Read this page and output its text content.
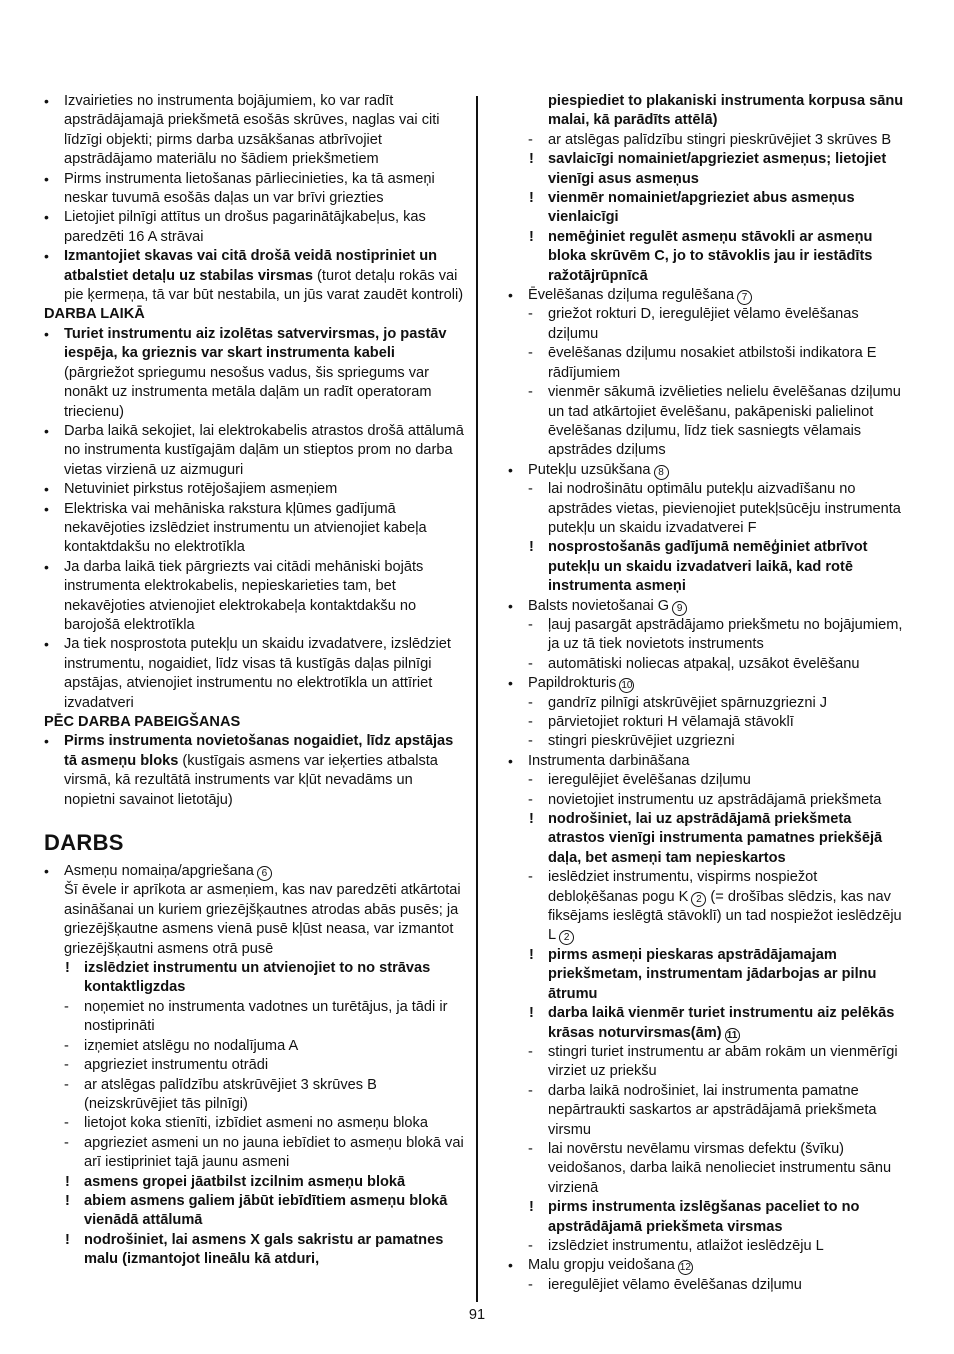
• Izvairieties no instrumenta bojājumiem, ko var radīt apstrādājamajā priekšmetā esošās skrūves, naglas vai citi līdzīgi objekti; pirms darba uzsākšanas atbrīvojiet apstrādājamo materiālu no šādiem priekšmetiem
• Pirms instrumenta lietošanas pārliecinieties, ka tā asmeņi neskar tuvumā esošās daļas un var brīvi griezties
• Lietojiet pilnīgi attītus un drošus pagarinātājkabeļus, kas paredzēti 16 A strāvai
• Izmantojiet skavas vai citā drošā veidā nostipriniet un atbalstiet detaļu uz stabilas virsmas (turot detaļu rokās vai pie ķermeņa, tā var būt nestabila, un jūs varat zaudēt kontroli)
DARBA LAIKĀ
• Turiet instrumentu aiz izolētas satvervirsmas, jo pastāv iespēja, ka grieznis var skart instrumenta kabeli (pārgriežot spriegumu nesošus vadus, šis spriegums var nonākt uz instrumenta metāla daļām un radīt operatoram triecienu)
• Darba laikā sekojiet, lai elektrokabelis atrastos drošā attālumā no instrumenta kustīgajām daļām un stieptos prom no darba vietas virzienā uz aizmuguri
• Netuviniet pirkstus rotējošajiem asmeņiem
• Elektriska vai mehāniska rakstura kļūmes gadījumā nekavējoties izslēdziet instrumentu un atvienojiet kabeļa kontaktdakšu no elektrotīkla
• Ja darba laikā tiek pārgriezts vai citādi mehāniski bojāts instrumenta elektrokabelis, nepieskarieties tam, bet nekavējoties atvienojiet elektrokabeļa kontaktdakšu no barojošā elektrotīkla
• Ja tiek nosprostota putekļu un skaidu izvadatvere, izslēdziet instrumentu, nogaidiet, līdz visas tā kustīgās daļas pilnīgi apstājas, atvienojiet instrumentu no elektrotīkla un attīriet izvadatveri
PĒC DARBA PABEIGŠANAS
• Pirms instrumenta novietošanas nogaidiet, līdz apstājas tā asmeņu bloks (kustīgais asmens var ieķerties atbalsta virsmā, kā rezultātā instruments var kļūt nevadāms un nopietni savainot lietotāju)
DARBS
• Asmeņu nomaiņa/apgriešana 6
Šī ēvele ir aprīkota ar asmeņiem, kas nav paredzēti atkārtotai asināšanai un kuriem griezējšķautnes atrodas abās pusēs; ja griezējšķautne asmens vienā pusē kļūst neasa, var izmantot griezējšķautni asmens otrā pusē
! izslēdziet instrumentu un atvienojiet to no strāvas kontaktligzdas
- noņemiet no instrumenta vadotnes un turētājus, ja tādi ir nostiprināti
- izņemiet atslēgu no nodalījuma A
- apgrieziet instrumentu otrādi
- ar atslēgas palīdzību atskrūvējiet 3 skrūves B (neizskrūvējiet tās pilnīgi)
- lietojot koka stienīti, izbīdiet asmeni no asmeņu bloka
- apgrieziet asmeni un no jauna iebīdiet to asmeņu blokā vai arī iestipriniet tajā jaunu asmeni
! asmens gropei jāatbilst izcilnim asmeņu blokā
! abiem asmens galiem jābūt iebīdītiem asmeņu blokā vienādā attālumā
! nodrošiniet, lai asmens X gals sakristu ar pamatnes malu (izmantojot lineālu kā atduri,
piespiediet to plakaniski instrumenta korpusa sānu malai, kā parādīts attēlā)
- ar atslēgas palīdzību stingri pieskrūvējiet 3 skrūves B
! savlaicīgi nomainiet/apgrieziet asmeņus; lietojiet vienīgi asus asmeņus
! vienmēr nomainiet/apgrieziet abus asmeņus vienlaicīgi
! nemēģiniet regulēt asmeņu stāvokli ar asmeņu bloka skrūvēm C, jo to stāvoklis jau ir iestādīts ražotājrūpnīcā
• Ēvelēšanas dziļuma regulēšana 7
- griežot rokturi D, ieregulējiet vēlamo ēvelēšanas dziļumu
- ēvelēšanas dziļumu nosakiet atbilstoši indikatora E rādījumiem
- vienmēr sākumā izvēlieties nelielu ēvelēšanas dziļumu un tad atkārtojiet ēvelēšanu, pakāpeniski palielinot ēvelēšanas dziļumu, līdz tiek sasniegts vēlamais apstrādes dziļums
• Putekļu uzsūkšana 8
- lai nodrošinātu optimālu putekļu aizvadīšanu no apstrādes vietas, pievienojiet putekļsūcēju instrumenta putekļu un skaidu izvadatverei F
! nosprostošanās gadījumā nemēģiniet atbrīvot putekļu un skaidu izvadatveri laikā, kad rotē instrumenta asmeņi
• Balsts novietošanai G 9
- ļauj pasargāt apstrādājamo priekšmetu no bojājumiem, ja uz tā tiek novietots instruments
- automātiski noliecas atpakaļ, uzsākot ēvelēšanu
• Papildrokturis 10
- gandrīz pilnīgi atskrūvējiet spārnuzgriezni J
- pārvietojiet rokturi H vēlamajā stāvoklī
- stingri pieskrūvējiet uzgriezni
• Instrumenta darbināšana
- ieregulējiet ēvelēšanas dziļumu
- novietojiet instrumentu uz apstrādājamā priekšmeta
! nodrošiniet, lai uz apstrādājamā priekšmeta atrastos vienīgi instrumenta pamatnes priekšējā daļa, bet asmeņi tam nepieskartos
- ieslēdziet instrumentu, vispirms nospiežot debloķēšanas pogu K 2 (= drošības slēdzis, kas nav fiksējams ieslēgtā stāvoklī) un tad nospiežot ieslēdzēju L 2
! pirms asmeņi pieskaras apstrādājamajam priekšmetam, instrumentam jādarbojas ar pilnu ātrumu
! darba laikā vienmēr turiet instrumentu aiz pelēkās krāsas noturvirsmas(ām) 11
- stingri turiet instrumentu ar abām rokām un vienmērīgi virziet uz priekšu
- darba laikā nodrošiniet, lai instrumenta pamatne nepārtraukti saskartos ar apstrādājamā priekšmeta virsmu
- lai novērstu nevēlamu virsmas defektu (švīku) veidošanos, darba laikā nenolieciet instrumentu sānu virzienā
! pirms instrumenta izslēgšanas paceliet to no apstrādājamā priekšmeta virsmas
- izslēdziet instrumentu, atlaižot ieslēdzēju L
• Malu gropju veidošana 12
- ieregulējiet vēlamo ēvelēšanas dziļumu
91
